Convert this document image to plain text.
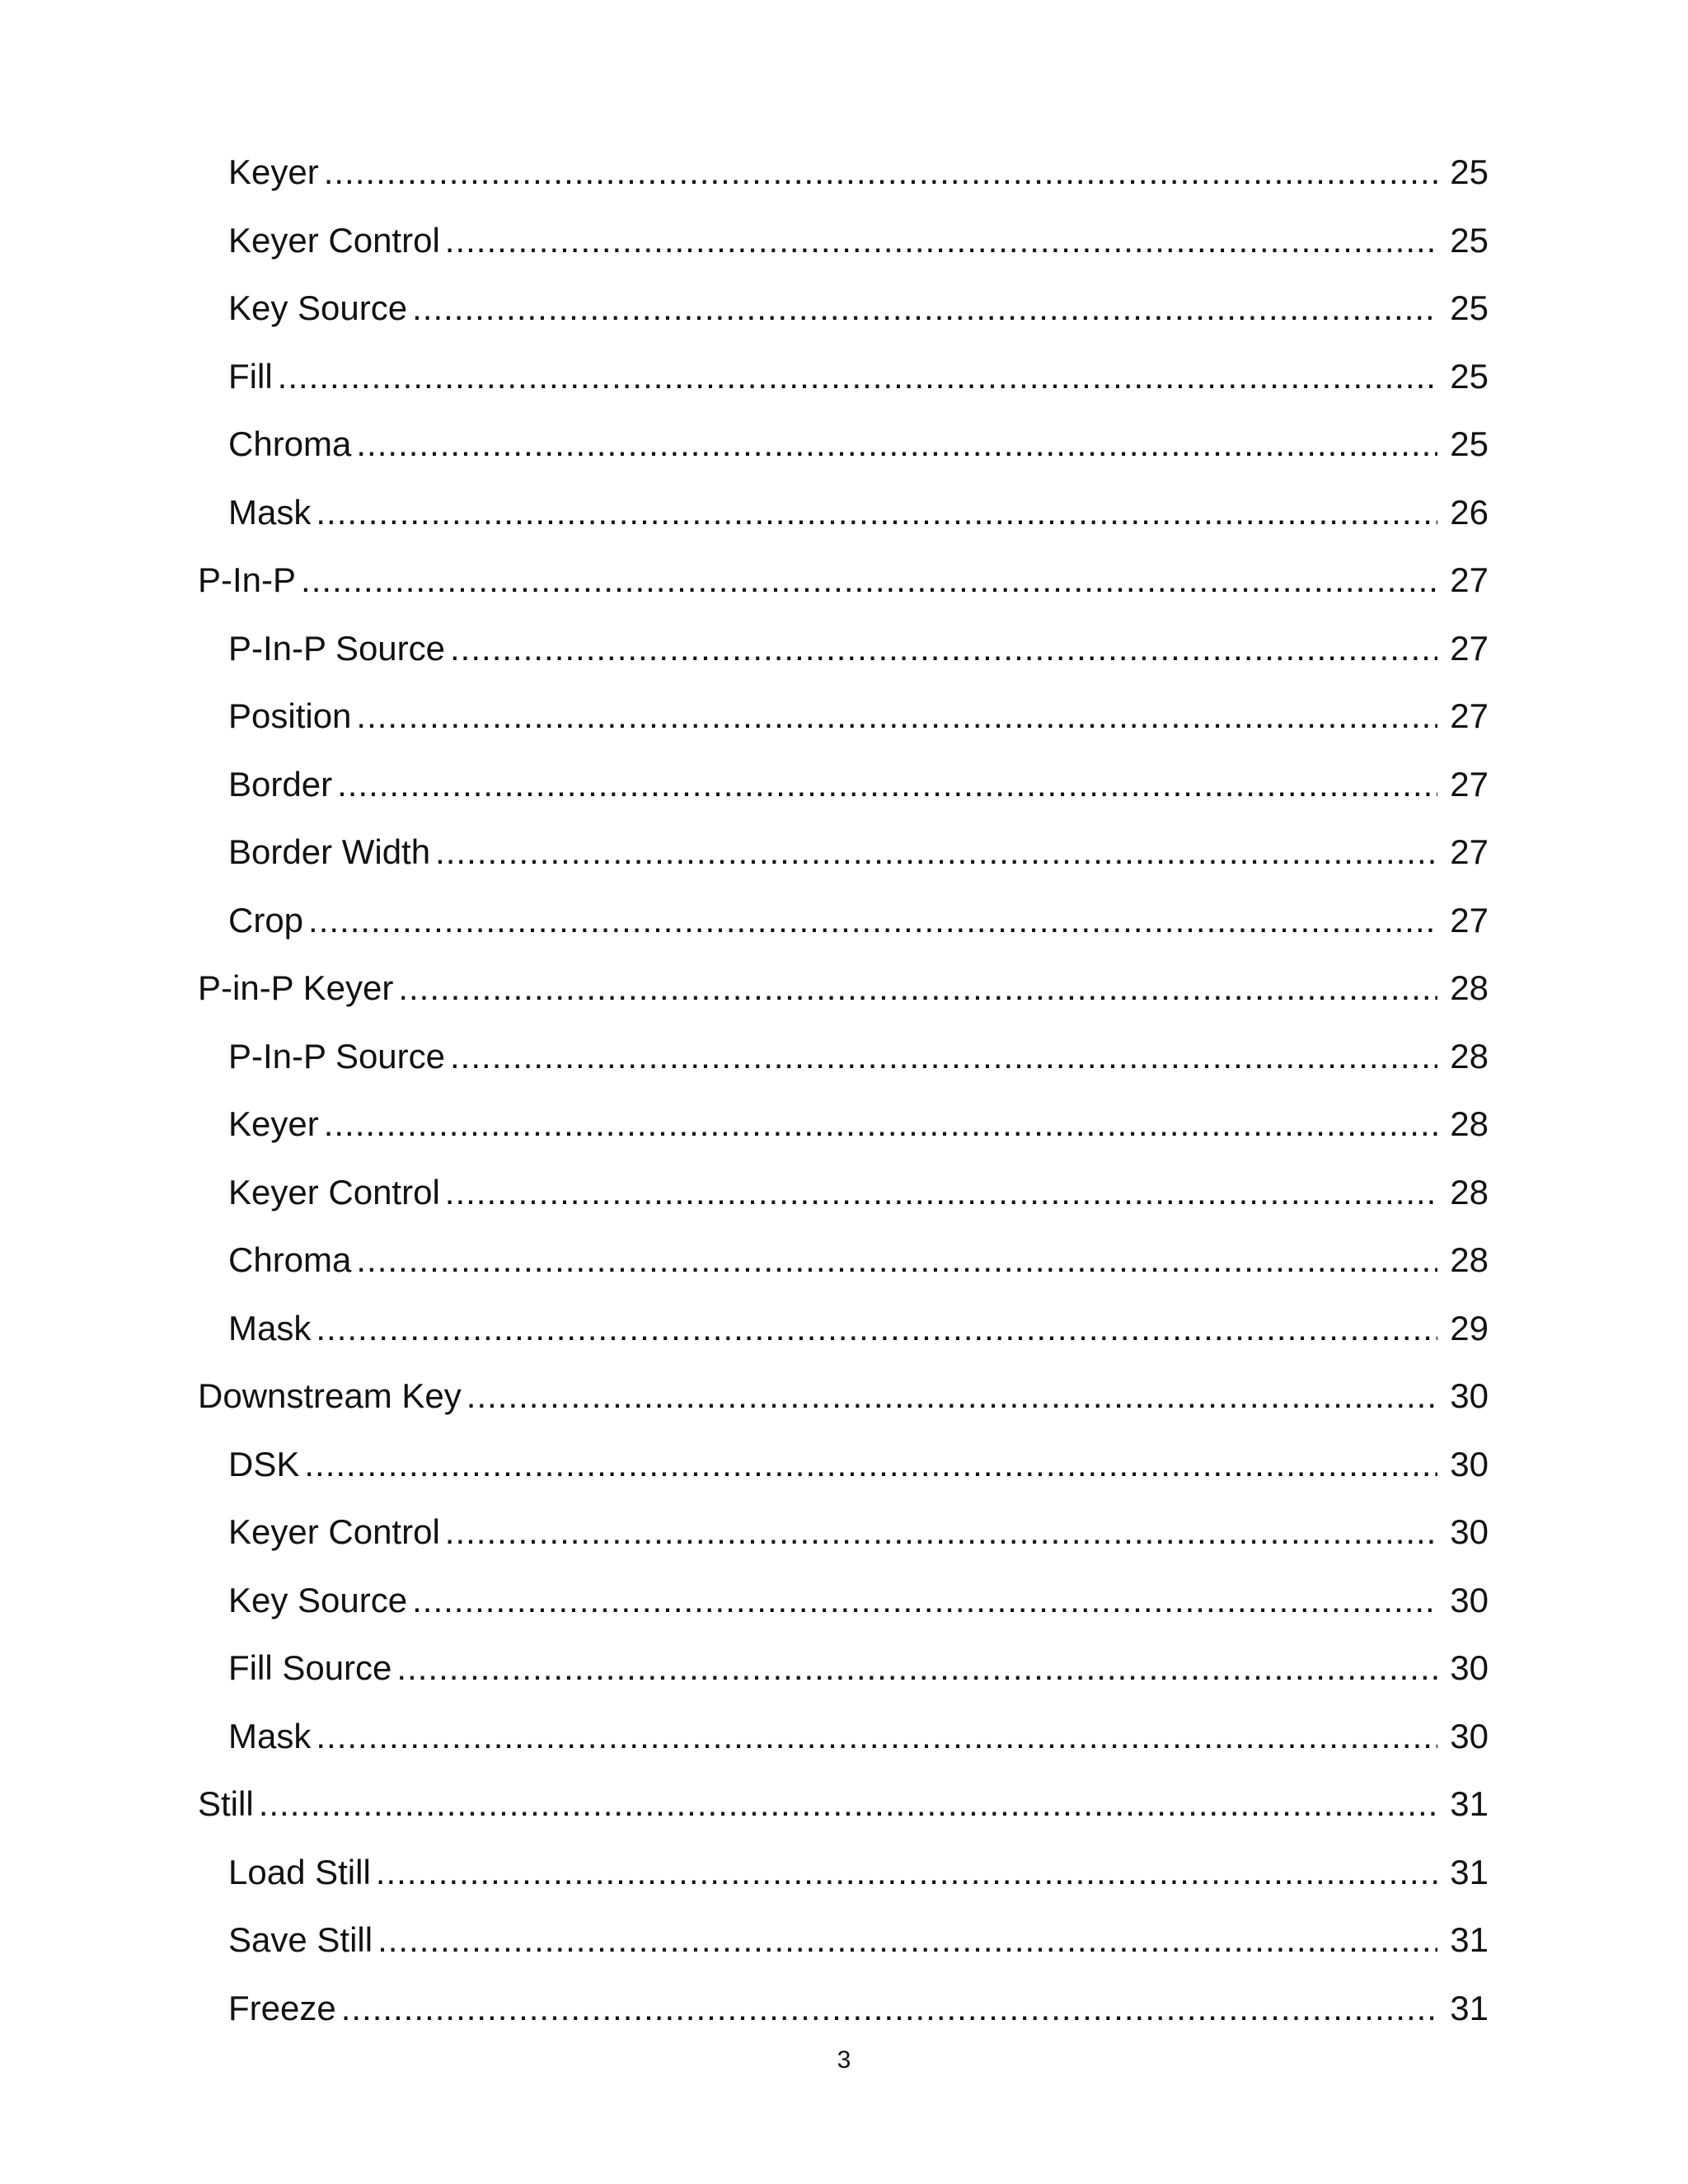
Keyer .....	25
Keyer Control .....	25
Key Source .....	25
Fill .....	25
Chroma .....	25
Mask .....	26
P-In-P .....	27
P-In-P Source .....	27
Position .....	27
Border .....	27
Border Width .....	27
Crop .....	27
P-in-P Keyer .....	28
P-In-P Source .....	28
Keyer .....	28
Keyer Control .....	28
Chroma .....	28
Mask .....	29
Downstream Key .....	30
DSK .....	30
Keyer Control .....	30
Key Source .....	30
Fill Source .....	30
Mask .....	30
Still .....	31
Load Still .....	31
Save Still .....	31
Freeze .....	31
3
